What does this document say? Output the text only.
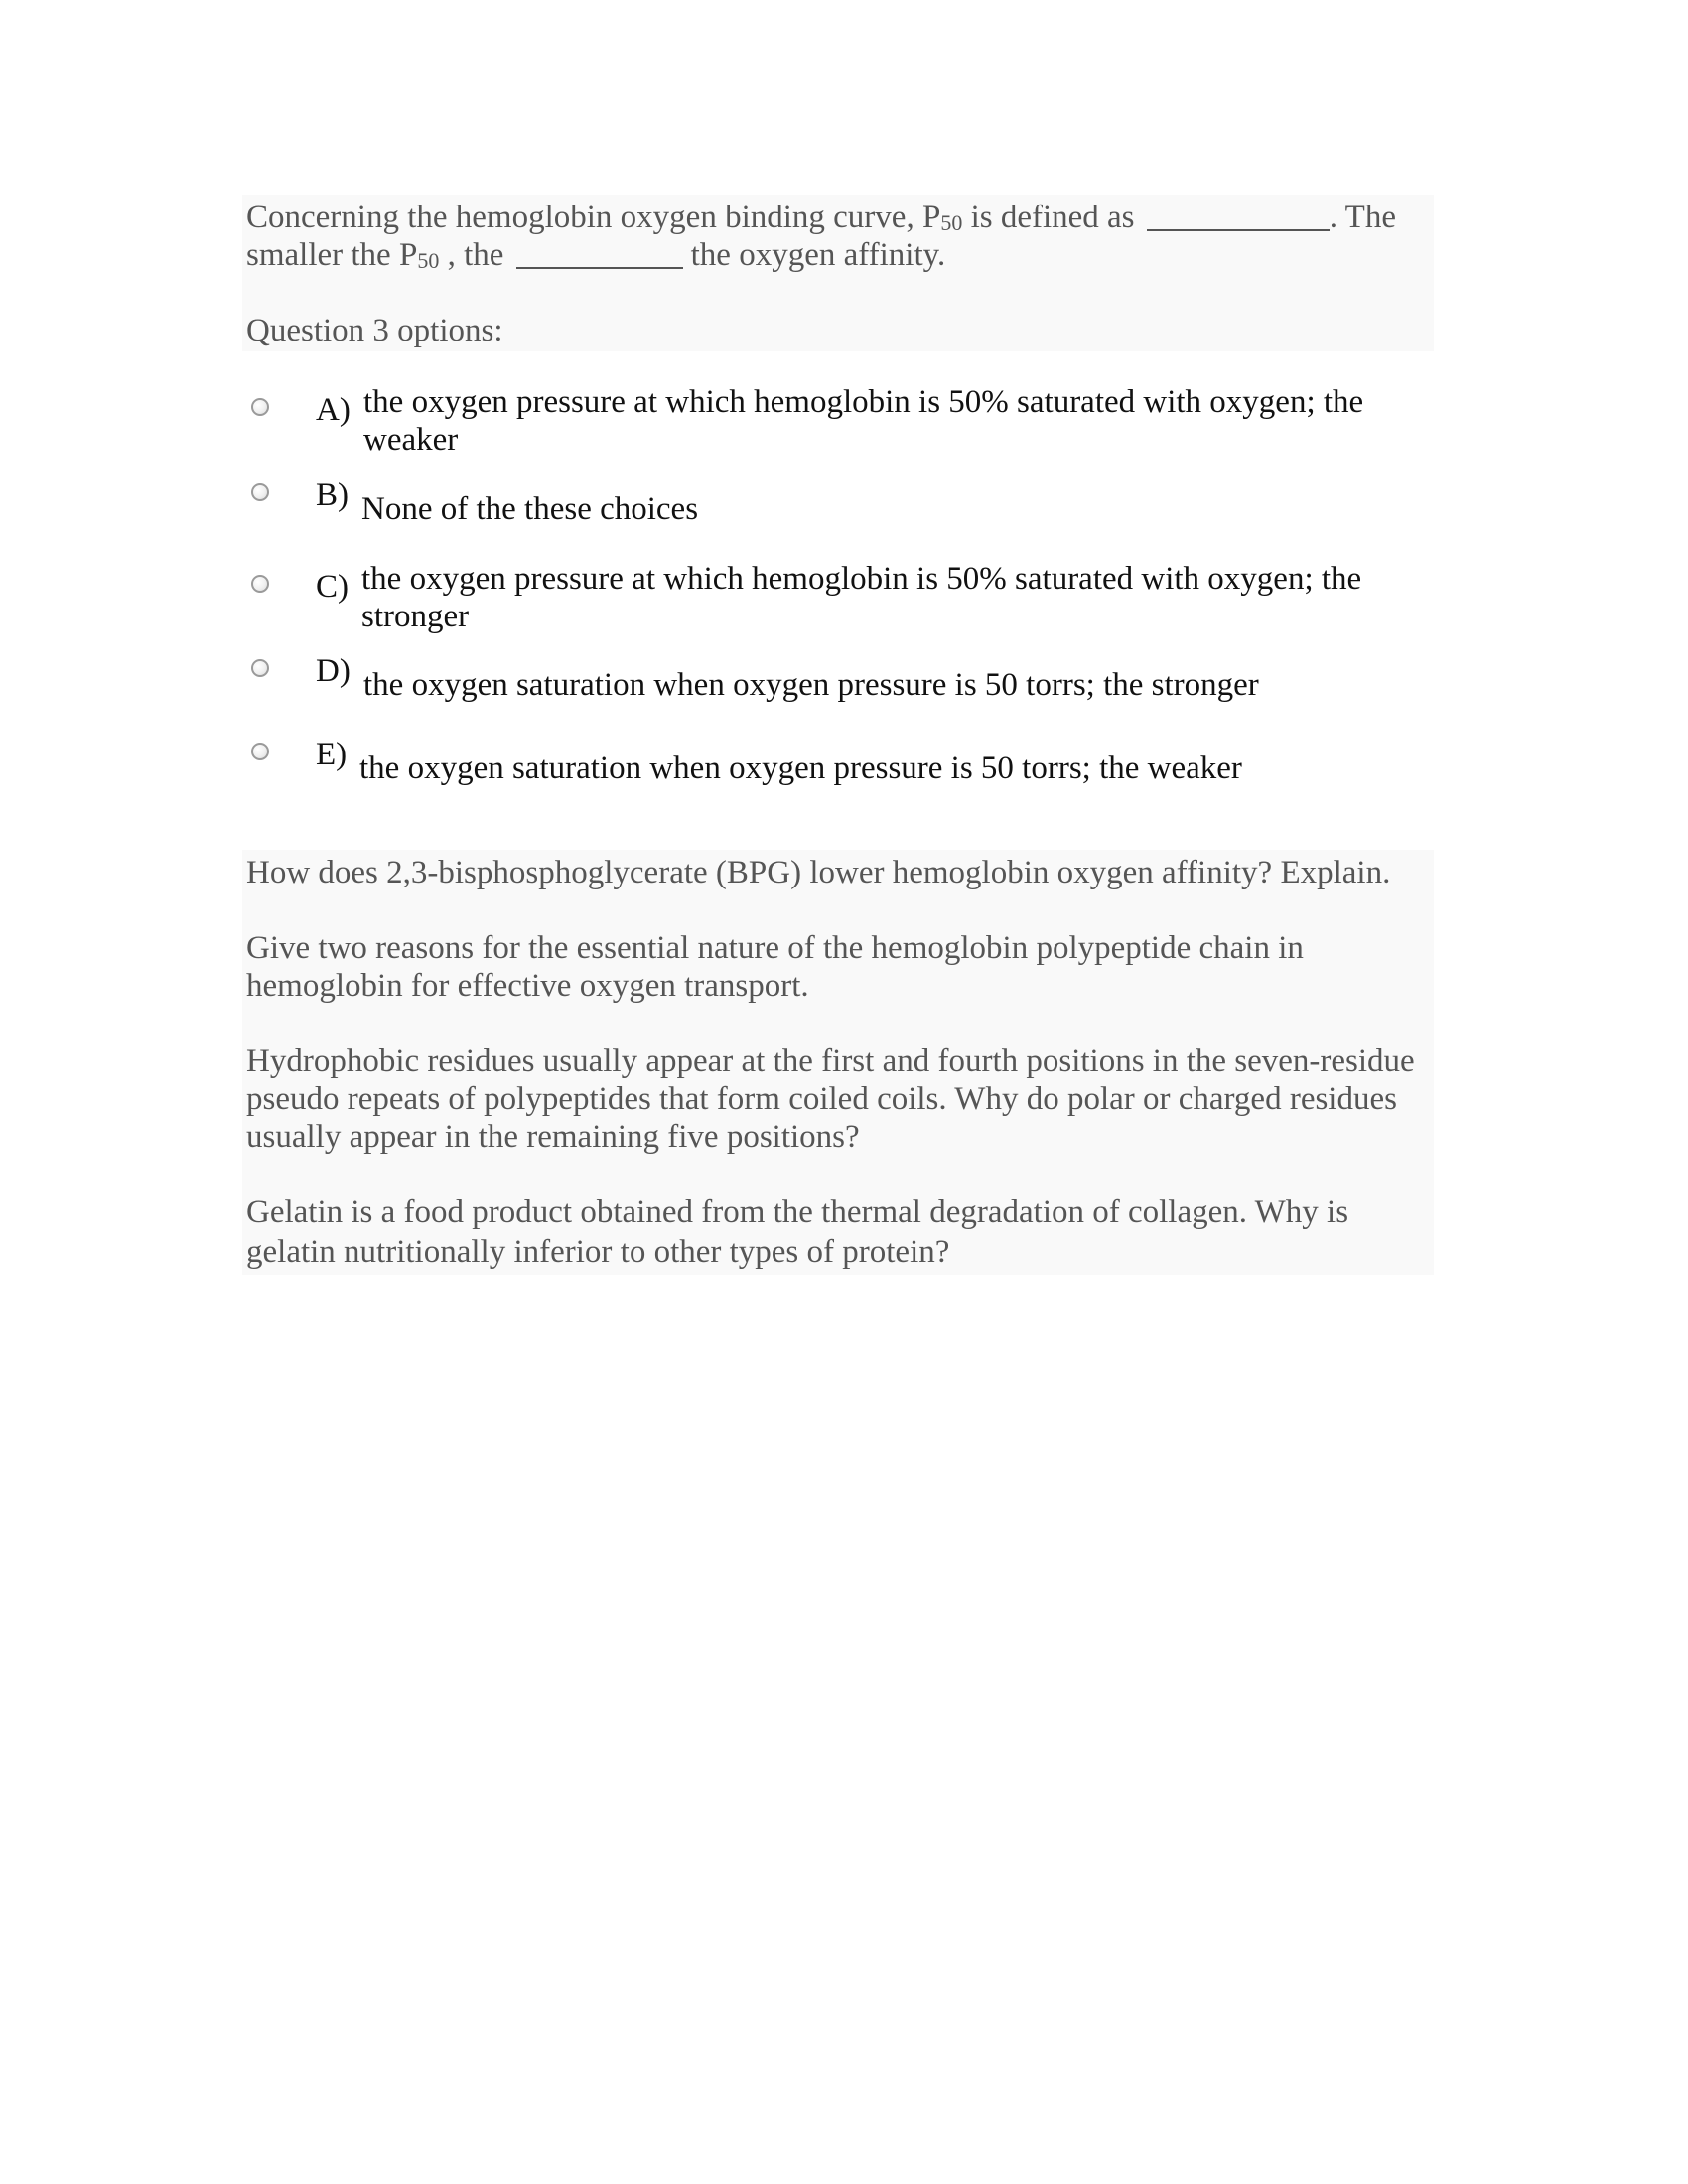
Concerning the hemoglobin oxygen binding curve, P50 is defined as	. The
smaller the P50 , the	the oxygen affinity.
Question 3 options:
A) the oxygen pressure at which hemoglobin is 50% saturated with oxygen; the
weaker
B) None of the these choices
C) the oxygen pressure at which hemoglobin is 50% saturated with oxygen; the
stronger
D) the oxygen saturation when oxygen pressure is 50 torrs; the stronger
E) the oxygen saturation when oxygen pressure is 50 torrs; the weaker
How does 2,3-bisphosphoglycerate (BPG) lower hemoglobin oxygen affinity? Explain.
Give two reasons for the essential nature of the hemoglobin polypeptide chain in
hemoglobin for effective oxygen transport.
Hydrophobic residues usually appear at the first and fourth positions in the seven-residue
pseudo repeats of polypeptides that form coiled coils. Why do polar or charged residues
usually appear in the remaining five positions?
Gelatin is a food product obtained from the thermal degradation of collagen. Why is
gelatin nutritionally inferior to other types of protein?
